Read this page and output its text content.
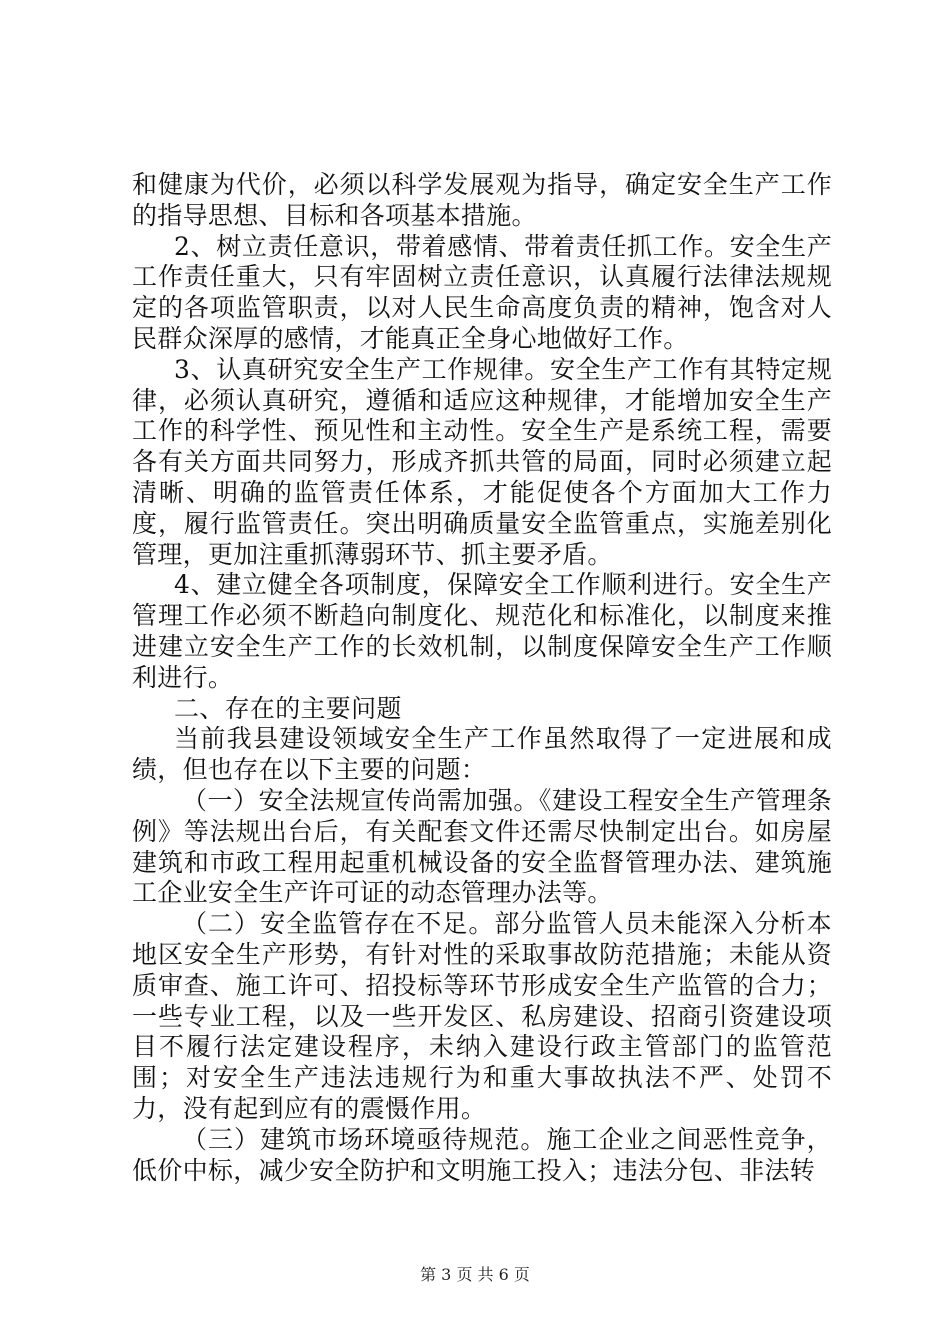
和健康为代价，必须以科学发展观为指导，确定安全生产工作的指导思想、目标和各项基本措施。

2、树立责任意识，带着感情、带着责任抓工作。安全生产工作责任重大，只有牢固树立责任意识，认真履行法律法规规定的各项监管职责，以对人民生命高度负责的精神，饱含对人民群众深厚的感情，才能真正全身心地做好工作。

3、认真研究安全生产工作规律。安全生产工作有其特定规律，必须认真研究，遵循和适应这种规律，才能增加安全生产工作的科学性、预见性和主动性。安全生产是系统工程，需要各有关方面共同努力，形成齐抓共管的局面，同时必须建立起清晰、明确的监管责任体系，才能促使各个方面加大工作力度，履行监管责任。突出明确质量安全监管重点，实施差别化管理，更加注重抓薄弱环节、抓主要矛盾。

4、建立健全各项制度，保障安全工作顺利进行。安全生产管理工作必须不断趋向制度化、规范化和标准化，以制度来推进建立安全生产工作的长效机制，以制度保障安全生产工作顺利进行。

二、存在的主要问题

当前我县建设领域安全生产工作虽然取得了一定进展和成绩，但也存在以下主要的问题：

（一）安全法规宣传尚需加强。《建设工程安全生产管理条例》等法规出台后，有关配套文件还需尽快制定出台。如房屋建筑和市政工程用起重机械设备的安全监督管理办法、建筑施工企业安全生产许可证的动态管理办法等。

（二）安全监管存在不足。部分监管人员未能深入分析本地区安全生产形势，有针对性的采取事故防范措施；未能从资质审查、施工许可、招投标等环节形成安全生产监管的合力；一些专业工程，以及一些开发区、私房建设、招商引资建设项目不履行法定建设程序，未纳入建设行政主管部门的监管范围；对安全生产违法违规行为和重大事故执法不严、处罚不力，没有起到应有的震慑作用。

（三）建筑市场环境亟待规范。施工企业之间恶性竞争，低价中标，减少安全防护和文明施工投入；违法分包、非法转

第 3 页 共 6 页
